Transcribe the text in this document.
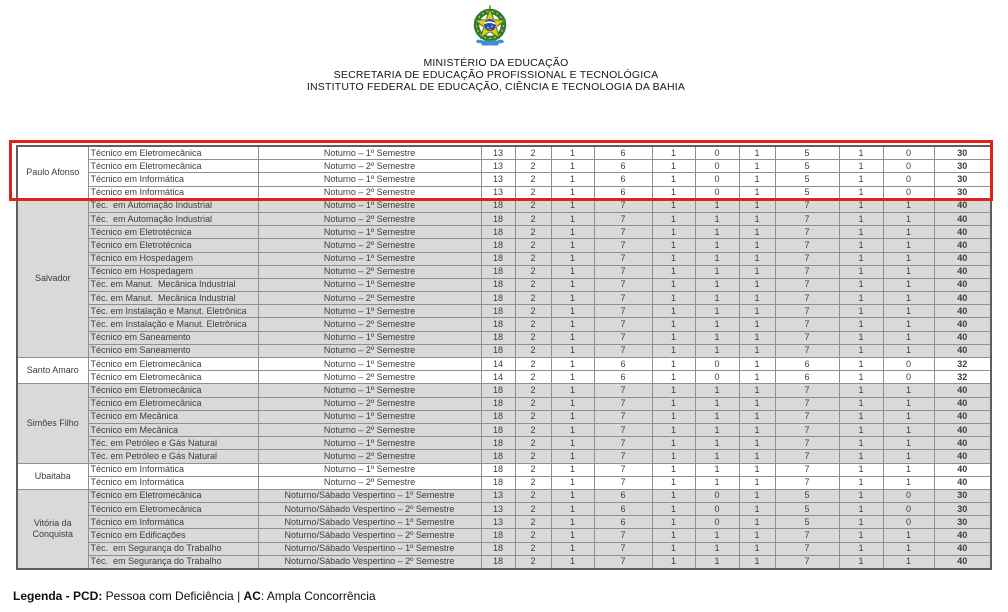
MINISTÉRIO DA EDUCAÇÃO
SECRETARIA DE EDUCAÇÃO PROFISSIONAL E TECNOLÓGICA
INSTITUTO FEDERAL DE EDUCAÇÃO, CIÊNCIA E TECNOLOGIA DA BAHIA
Paulo Afonso	Técnico em Eletromecânica	Noturno – 1º Semestre	13	2	1	6	1	0	1	5	1	0	30
	Técnico em Eletromecânica	Noturno – 2º Semestre	13	2	1	6	1	0	1	5	1	0	30
	Técnico em Informática	Noturno – 1º Semestre	13	2	1	6	1	0	1	5	1	0	30
	Técnico em Informática	Noturno – 2º Semestre	13	2	1	6	1	0	1	5	1	0	30
Salvador	Téc.  em Automação Industrial	Noturno – 1º Semestre	18	2	1	7	1	1	1	7	1	1	40
	Téc.  em Automação Industrial	Noturno – 2º Semestre	18	2	1	7	1	1	1	7	1	1	40
	Técnico em Eletrotécnica	Noturno – 1º Semestre	18	2	1	7	1	1	1	7	1	1	40
	Técnico em Eletrotécnica	Noturno – 2º Semestre	18	2	1	7	1	1	1	7	1	1	40
	Técnico em Hospedagem	Noturno – 1º Semestre	18	2	1	7	1	1	1	7	1	1	40
	Técnico em Hospedagem	Noturno – 2º Semestre	18	2	1	7	1	1	1	7	1	1	40
	Téc. em Manut.  Mecânica Industrial	Noturno – 1º Semestre	18	2	1	7	1	1	1	7	1	1	40
	Téc. em Manut.  Mecânica Industrial	Noturno – 2º Semestre	18	2	1	7	1	1	1	7	1	1	40
	Téc. em Instalação e Manut. Eletrônica	Noturno – 1º Semestre	18	2	1	7	1	1	1	7	1	1	40
	Téc. em Instalação e Manut. Eletrônica	Noturno – 2º Semestre	18	2	1	7	1	1	1	7	1	1	40
	Técnico em Saneamento	Noturno – 1º Semestre	18	2	1	7	1	1	1	7	1	1	40
	Técnico em Saneamento	Noturno – 2º Semestre	18	2	1	7	1	1	1	7	1	1	40
Santo Amaro	Técnico em Eletromecânica	Noturno – 1º Semestre	14	2	1	6	1	0	1	6	1	0	32
	Técnico em Eletromecânica	Noturno – 2º Semestre	14	2	1	6	1	0	1	6	1	0	32
Simões Filho	Técnico em Eletromecânica	Noturno – 1º Semestre	18	2	1	7	1	1	1	7	1	1	40
	Técnico em Eletromecânica	Noturno – 2º Semestre	18	2	1	7	1	1	1	7	1	1	40
	Técnico em Mecânica	Noturno – 1º Semestre	18	2	1	7	1	1	1	7	1	1	40
	Técnico em Mecânica	Noturno – 2º Semestre	18	2	1	7	1	1	1	7	1	1	40
	Téc. em Petróleo e Gás Natural	Noturno – 1º Semestre	18	2	1	7	1	1	1	7	1	1	40
	Téc. em Petróleo e Gás Natural	Noturno – 2º Semestre	18	2	1	7	1	1	1	7	1	1	40
Ubaitaba	Técnico em Informática	Noturno – 1º Semestre	18	2	1	7	1	1	1	7	1	1	40
	Técnico em Informática	Noturno – 2º Semestre	18	2	1	7	1	1	1	7	1	1	40
Vitória da Conquista	Técnico em Eletromecânica	Noturno/Sábado Vespertino – 1º Semestre	13	2	1	6	1	0	1	5	1	0	30
	Técnico em Eletromecânica	Noturno/Sábado Vespertino – 2º Semestre	13	2	1	6	1	0	1	5	1	0	30
	Técnico em Informática	Noturno/Sábado Vespertino – 1º Semestre	13	2	1	6	1	0	1	5	1	0	30
	Técnico em Edificações	Noturno/Sábado Vespertino – 2º Semestre	18	2	1	7	1	1	1	7	1	1	40
	Téc.  em Segurança do Trabalho	Noturno/Sábado Vespertino – 1º Semestre	18	2	1	7	1	1	1	7	1	1	40
	Téc.  em Segurança do Trabalho	Noturno/Sábado Vespertino – 2º Semestre	18	2	1	7	1	1	1	7	1	1	40
Legenda - PCD: Pessoa com Deficiência | AC: Ampla Concorrência
